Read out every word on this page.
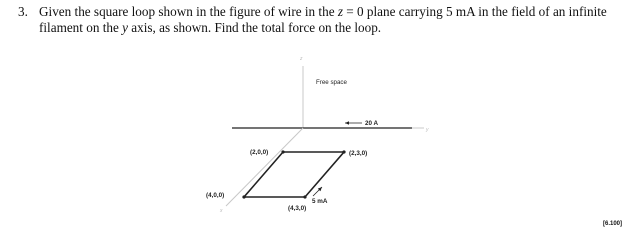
3. Given the square loop shown in the figure of wire in the z = 0 plane carrying 5 mA in the field of an infinite
filament on the y axis, as shown. Find the total force on the loop.
z
y
x
Free space
20 A
(2,0,0)	(2,3,0)
(4,0,0)
(4,3,0)
5 mA
[6.100]
